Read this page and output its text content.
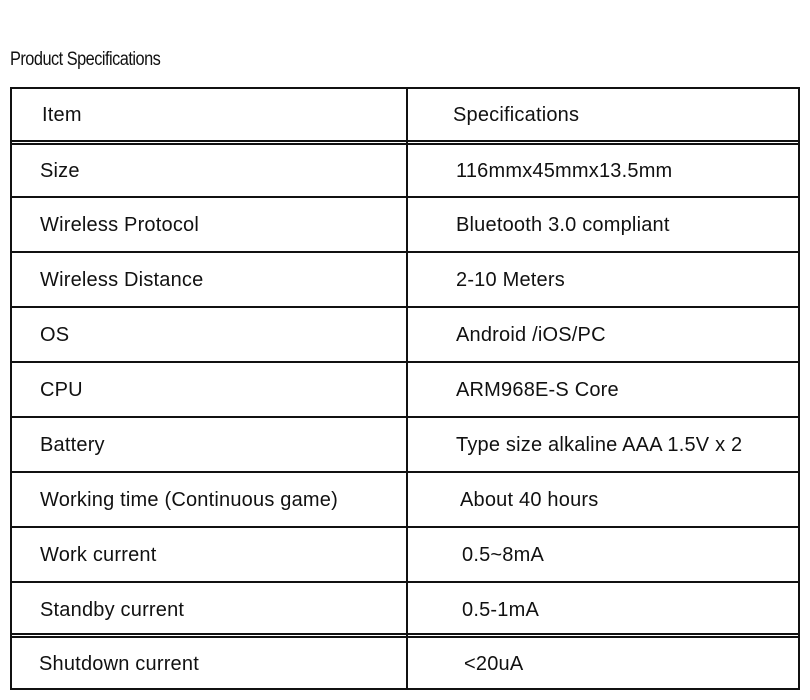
Product Specifications
Item	Specifications
Size	116mmx45mmx13.5mm
Wireless Protocol	Bluetooth 3.0 compliant
Wireless Distance	2-10 Meters
OS	Android /iOS/PC
CPU	ARM968E-S Core
Battery	Type size alkaline AAA 1.5V x 2
Working time (Continuous game)	About 40 hours
Work current	0.5~8mA
Standby current	0.5-1mA
Shutdown current	<20uA
